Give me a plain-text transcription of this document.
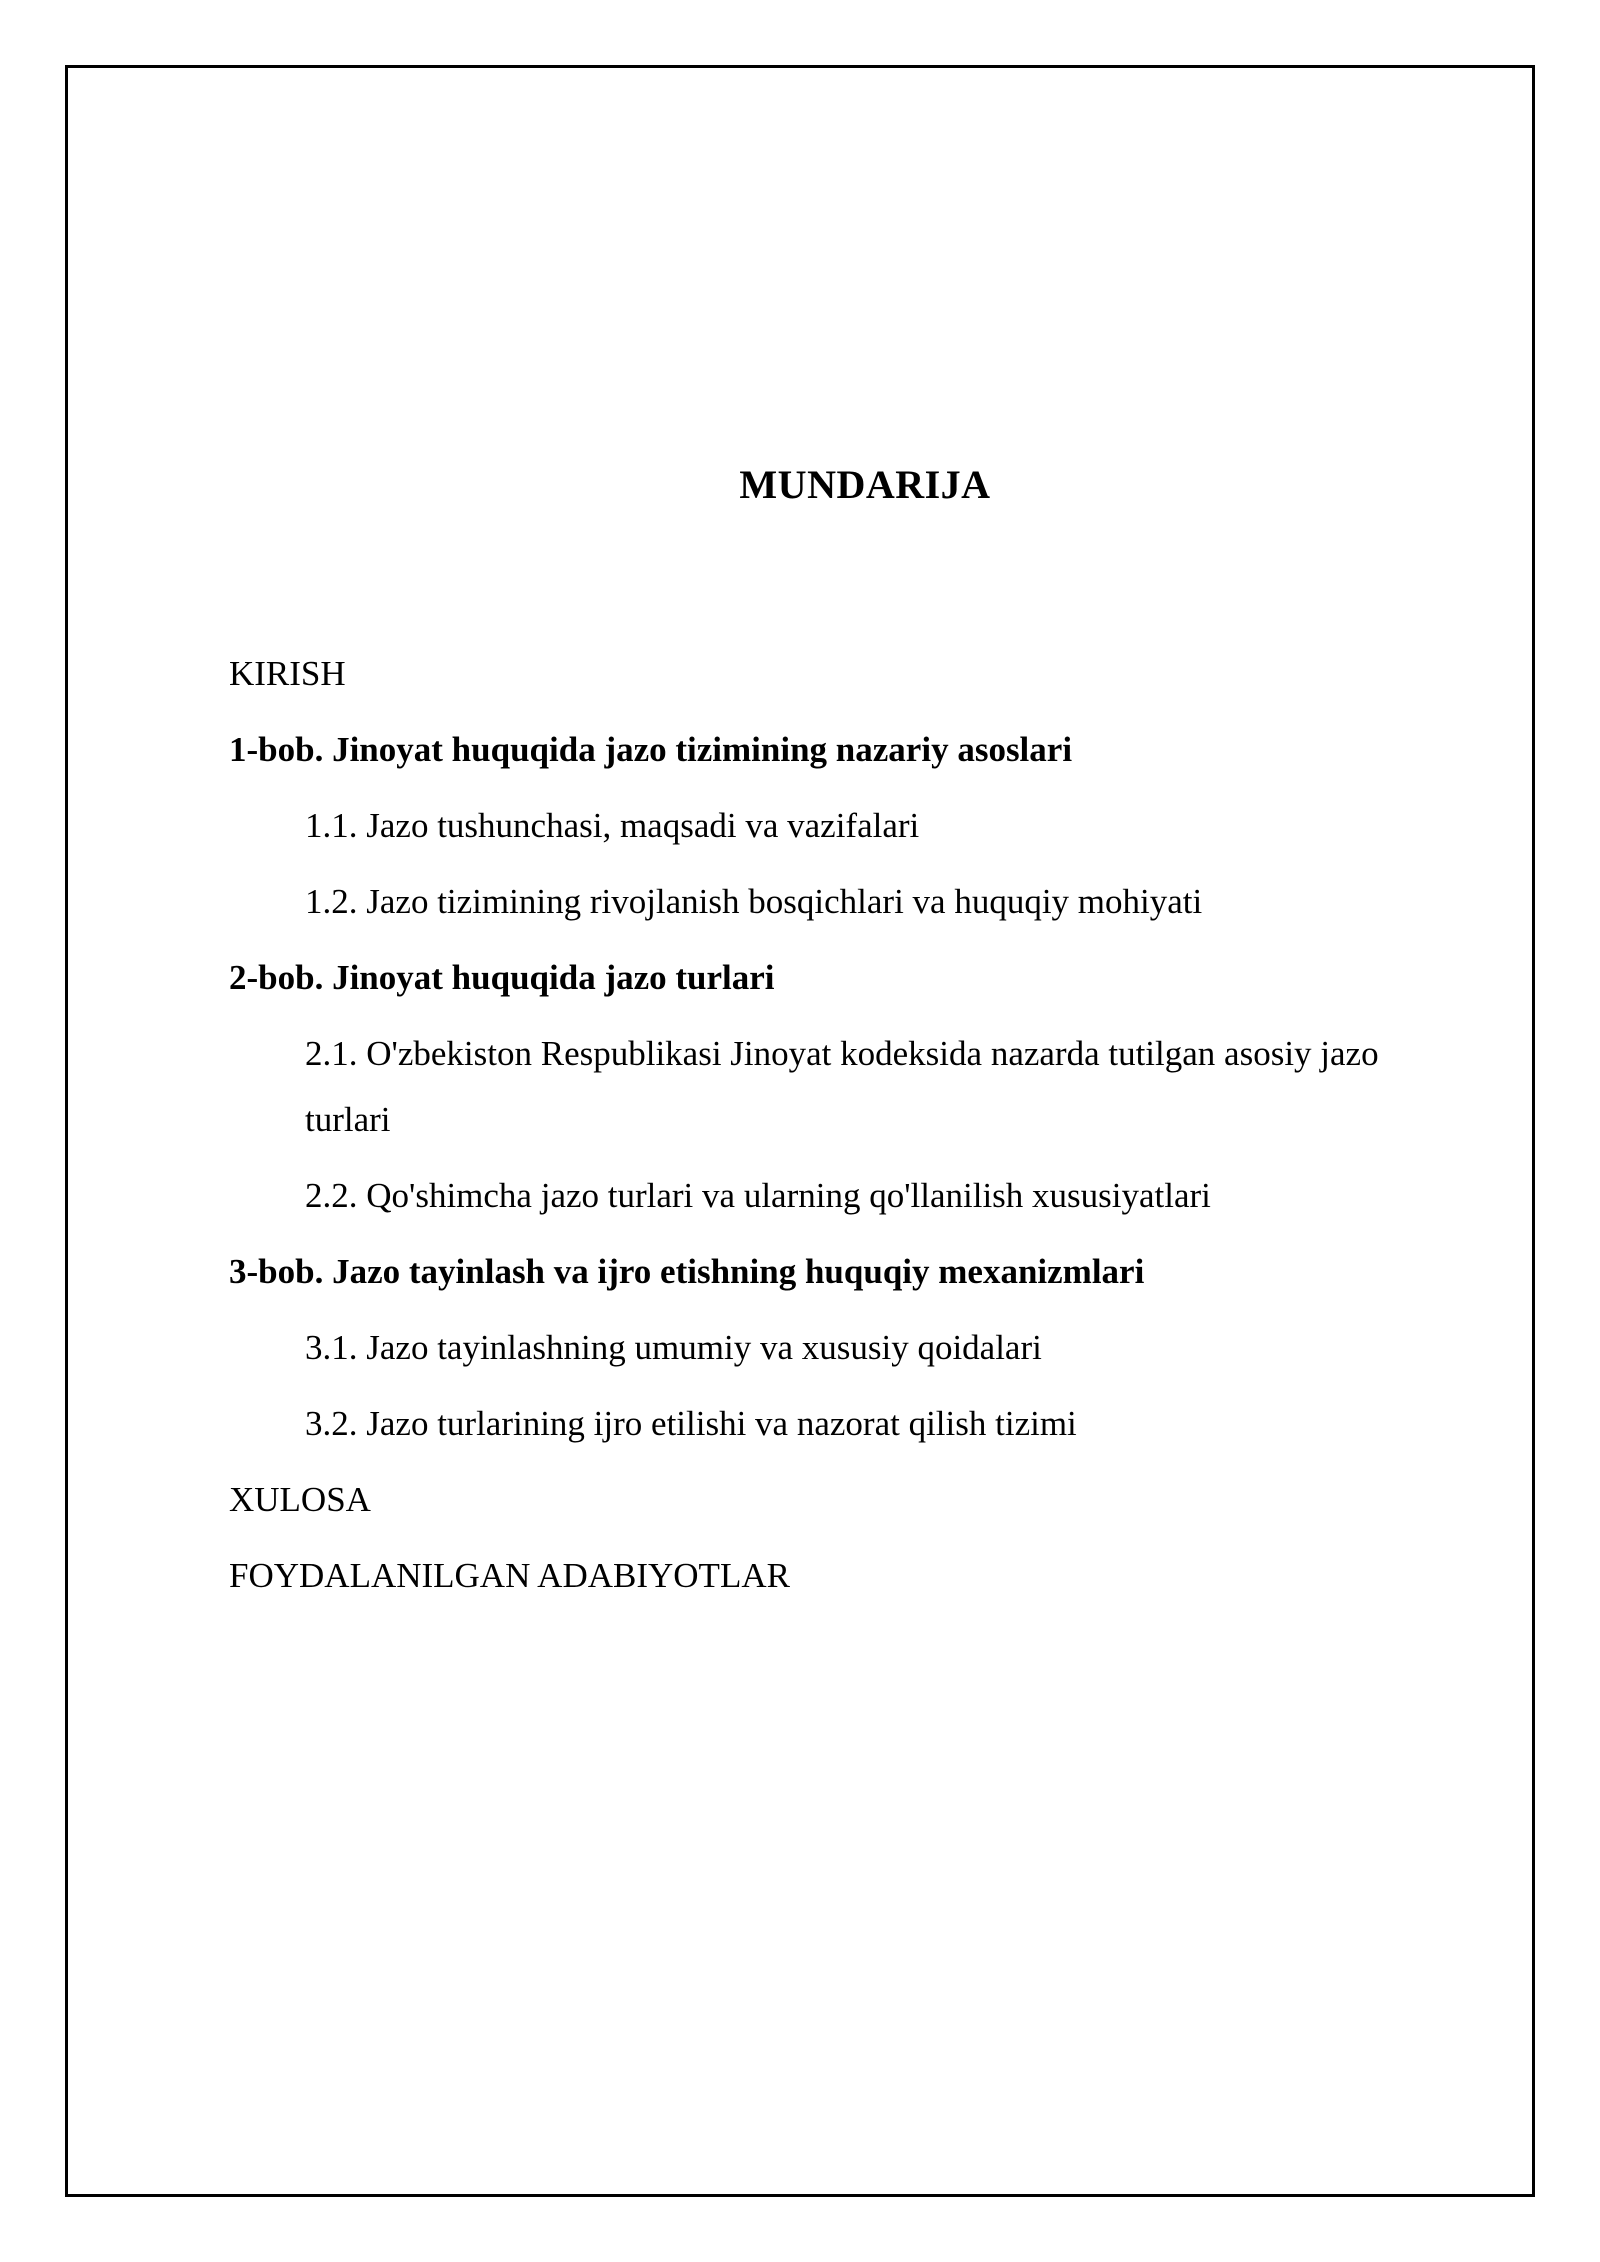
MUNDARIJA
KIRISH
1-bob. Jinoyat huquqida jazo tizimining nazariy asoslari
1.1. Jazo tushunchasi, maqsadi va vazifalari
1.2. Jazo tizimining rivojlanish bosqichlari va huquqiy mohiyati
2-bob. Jinoyat huquqida jazo turlari
2.1. O'zbekiston Respublikasi Jinoyat kodeksida nazarda tutilgan asosiy jazo turlari
2.2. Qo'shimcha jazo turlari va ularning qo'llanilish xususiyatlari
3-bob. Jazo tayinlash va ijro etishning huquqiy mexanizmlari
3.1. Jazo tayinlashning umumiy va xususiy qoidalari
3.2. Jazo turlarining ijro etilishi va nazorat qilish tizimi
XULOSA
FOYDALANILGAN ADABIYOTLAR
